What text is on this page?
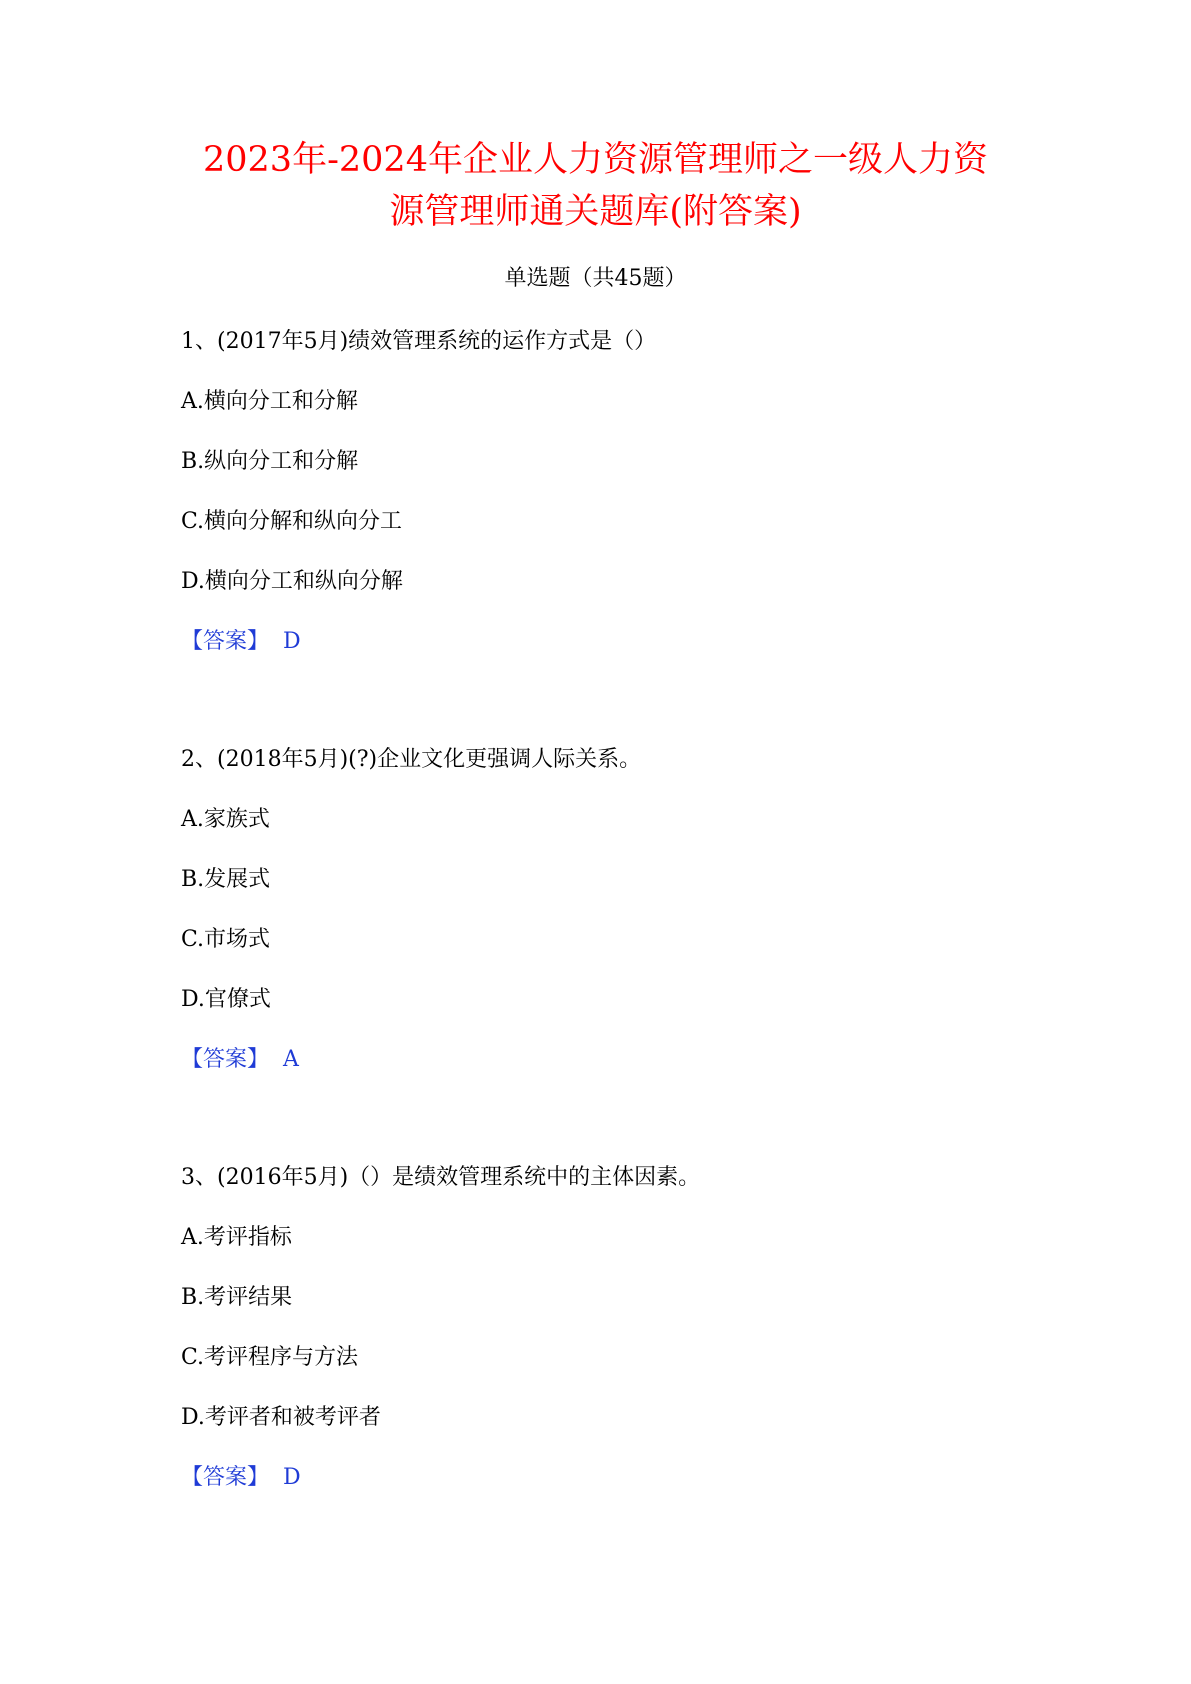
2023年-2024年企业人力资源管理师之一级人力资
源管理师通关题库(附答案)
单选题（共45题）
1、(2017年5月)绩效管理系统的运作方式是（）
A.横向分工和分解
B.纵向分工和分解
C.横向分解和纵向分工
D.横向分工和纵向分解
【答案】 D
2、(2018年5月)(?)企业文化更强调人际关系。
A.家族式
B.发展式
C.市场式
D.官僚式
【答案】 A
3、(2016年5月)（）是绩效管理系统中的主体因素。
A.考评指标
B.考评结果
C.考评程序与方法
D.考评者和被考评者
【答案】 D
